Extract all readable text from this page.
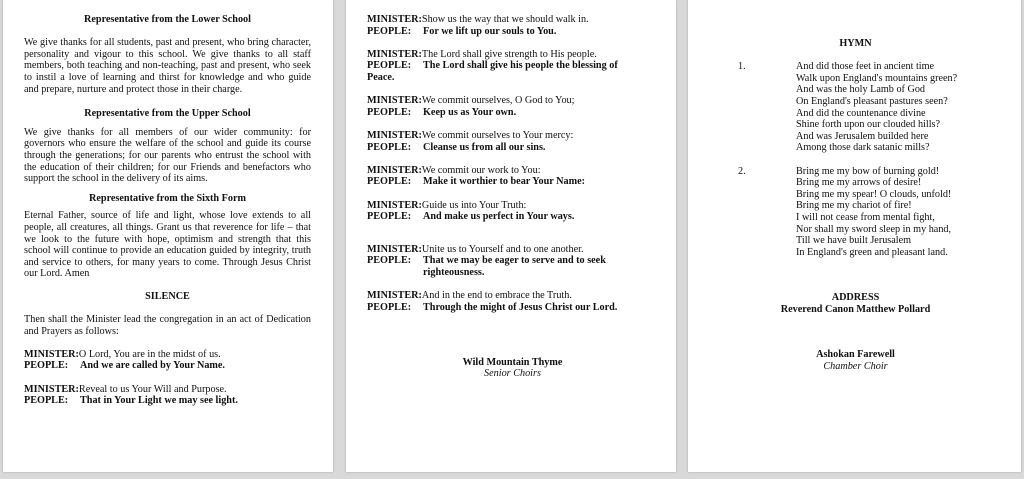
Representative from the Lower School

We give thanks for all students, past and present, who bring character, personality and vigour to this school. We give thanks to all staff members, both teaching and non-teaching, past and present, who seek to instil a love of learning and thirst for knowledge and who guide and prepare, nurture and protect those in their charge.

Representative from the Upper School

We give thanks for all members of our wider community: for governors who ensure the welfare of the school and guide its course through the generations; for our parents who entrust the school with the education of their children; for our Friends and benefactors who support the school in the delivery of its aims.

Representative from the Sixth Form

Eternal Father, source of life and light, whose love extends to all people, all creatures, all things. Grant us that reverence for life – that we look to the future with hope, optimism and strength that this school will continue to provide an education guided by integrity, truth and service to others, for many years to come. Through Jesus Christ our Lord. Amen

SILENCE

Then shall the Minister lead the congregation in an act of Dedication and Prayers as follows:

MINISTER: O Lord, You are in the midst of us.
PEOPLE:	And we are called by Your Name.
MINISTER: Reveal to us Your Will and Purpose.
PEOPLE:	That in Your Light we may see light.
MINISTER: Show us the way that we should walk in.
PEOPLE:	For we lift up our souls to You.
MINISTER: The Lord shall give strength to His people.
PEOPLE:	The Lord shall give his people the blessing of
Peace.
MINISTER: We commit ourselves, O God to You;
PEOPLE:	Keep us as Your own.
MINISTER: We commit ourselves to Your mercy:
PEOPLE:	Cleanse us from all our sins.
MINISTER: We commit our work to You:
PEOPLE:	Make it worthier to bear Your Name:
MINISTER: Guide us into Your Truth:
PEOPLE:	And make us perfect in Your ways.
MINISTER: Unite us to Yourself and to one another.
PEOPLE:	That we may be eager to serve and to seek
righteousness.
MINISTER: And in the end to embrace the Truth.
PEOPLE:	Through the might of Jesus Christ our Lord.
Wild Mountain Thyme
Senior Choirs
HYMN
1.	And did those feet in ancient time
Walk upon England's mountains green?
And was the holy Lamb of God
On England's pleasant pastures seen?
And did the countenance divine
Shine forth upon our clouded hills?
And was Jerusalem builded here
Among those dark satanic mills?
2.	Bring me my bow of burning gold!
Bring me my arrows of desire!
Bring me my spear! O clouds, unfold!
Bring me my chariot of fire!
I will not cease from mental fight,
Nor shall my sword sleep in my hand,
Till we have built Jerusalem
In England's green and pleasant land.
ADDRESS
Reverend Canon Matthew Pollard
Ashokan Farewell
Chamber Choir
